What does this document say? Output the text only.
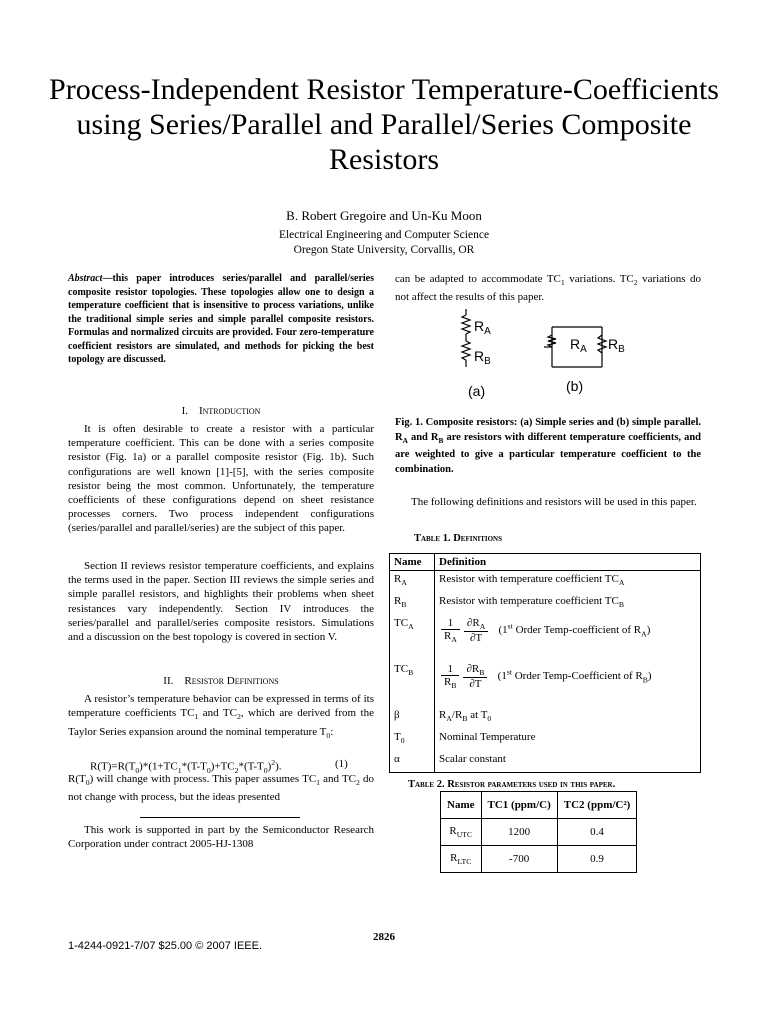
Process-Independent Resistor Temperature-Coefficients
using Series/Parallel and Parallel/Series Composite
Resistors
B. Robert Gregoire and Un-Ku Moon
Electrical Engineering and Computer Science
Oregon State University, Corvallis, OR
Abstract—this paper introduces series/parallel and parallel/series composite resistor topologies. These topologies allow one to design a temperature coefficient that is insensitive to process variations, unlike the traditional simple series and simple parallel composite resistors. Formulas and normalized circuits are provided. Four zero-temperature coefficient resistors are simulated, and methods for picking the best topology are discussed.
I. Introduction
It is often desirable to create a resistor with a particular temperature coefficient. This can be done with a series composite resistor (Fig. 1a) or a parallel composite resistor (Fig. 1b). Such configurations are well known [1]-[5], with the series composite resistor being the most common. Unfortunately, the temperature coefficients of these configurations depend on sheet resistance processes corners. Two process independent configurations (series/parallel and parallel/series) are the subject of this paper.
Section II reviews resistor temperature coefficients, and explains the terms used in the paper. Section III reviews the simple series and simple parallel resistors, and highlights their problems when sheet resistances vary independently. Section IV introduces the series/parallel and parallel/series composite resistors. Simulations and a discussion on the best topology is covered in section V.
II. Resistor Definitions
A resistor’s temperature behavior can be expressed in terms of its temperature coefficients $TC_1$ and $TC_2$, which are derived from the Taylor Series expansion around the nominal temperature $T_0$:
$R(T)=R(T_0)*(1+TC_1*(T-T_0)+TC_2*(T-T_0)^2)$.	(1)
$R(T_0)$ will change with process. This paper assumes $TC_1$ and $TC_2$ do not change with process, but the ideas presented
This work is supported in part by the Semiconductor Research Corporation under contract 2005-HJ-1308
can be adapted to accommodate $TC_1$ variations. $TC_2$ variations do not affect the results of this paper.
$R_A$
$R_B$
$R_A$ $R_B$
(a)	(b)
Fig. 1. Composite resistors: (a) Simple series and (b) simple parallel. $R_A$ and $R_B$ are resistors with different temperature coefficients, and are weighted to give a particular temperature coefficient to the combination.
The following definitions and resistors will be used in this paper.
Table 1. Definitions
Name	Definition
$R_A$	Resistor with temperature coefficient $TC_A$
$R_B$	Resistor with temperature coefficient $TC_B$
$TC_A$	$\frac{1}{R_A} \frac{\partial R_A}{\partial T} (1st$ Order Temp-coefficient of $R_A$)
$TC_B$	$\frac{1}{R_B} \frac{\partial R_B}{\partial T} (1st$ Order Temp-Coefficient of $R_B$)
β	$R_A/R_B$ at $T_0$
$T_0$	Nominal Temperature
α	Scalar constant
Table 2. Resistor parameters used in this paper.
Name	TC1 (ppm/C)	TC2 (ppm/C²)
$R_{UTC}$	1200	0.4
$R_{LTC}$	-700	0.9
2826
1-4244-0921-7/07 $25.00 © 2007 IEEE.
